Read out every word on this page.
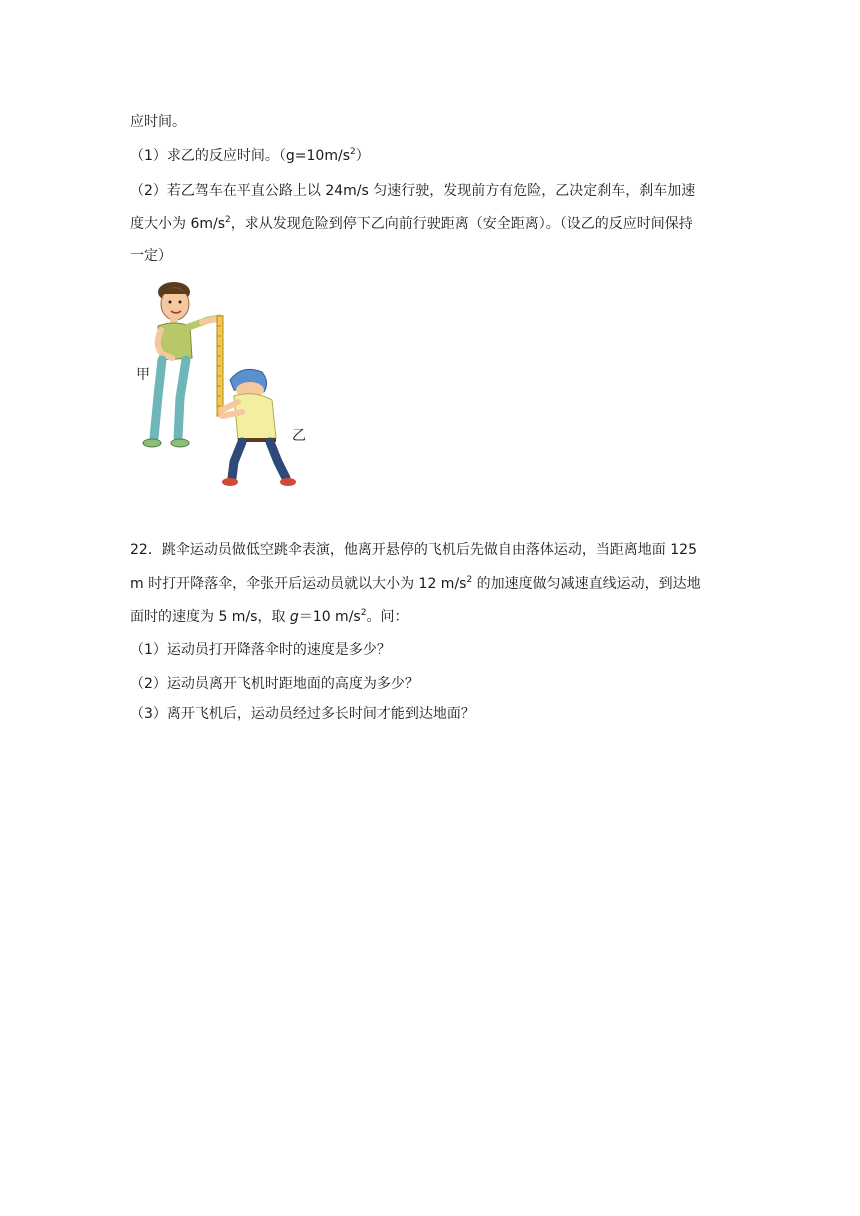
应时间。
（1）求乙的反应时间。$(g=10m/s^2)$
（2）若乙驾车在平直公路上以 24m/s 匀速行驶，发现前方有危险，乙决定刹车，刹车加速
度大小为 $6m/s^2$，求从发现危险到停下乙向前行驶距离（安全距离）。（设乙的反应时间保持
一定）
甲
乙
22．跳伞运动员做低空跳伞表演，他离开悬停的飞机后先做自由落体运动，当距离地面 125
m 时打开降落伞，伞张开后运动员就以大小为 12 $m/s^2$ 的加速度做匀减速直线运动，到达地
面时的速度为 5 m/s，取 g＝10 $m/s^2$。问：
（1）运动员打开降落伞时的速度是多少？
（2）运动员离开飞机时距地面的高度为多少？
（3）离开飞机后，运动员经过多长时间才能到达地面？
